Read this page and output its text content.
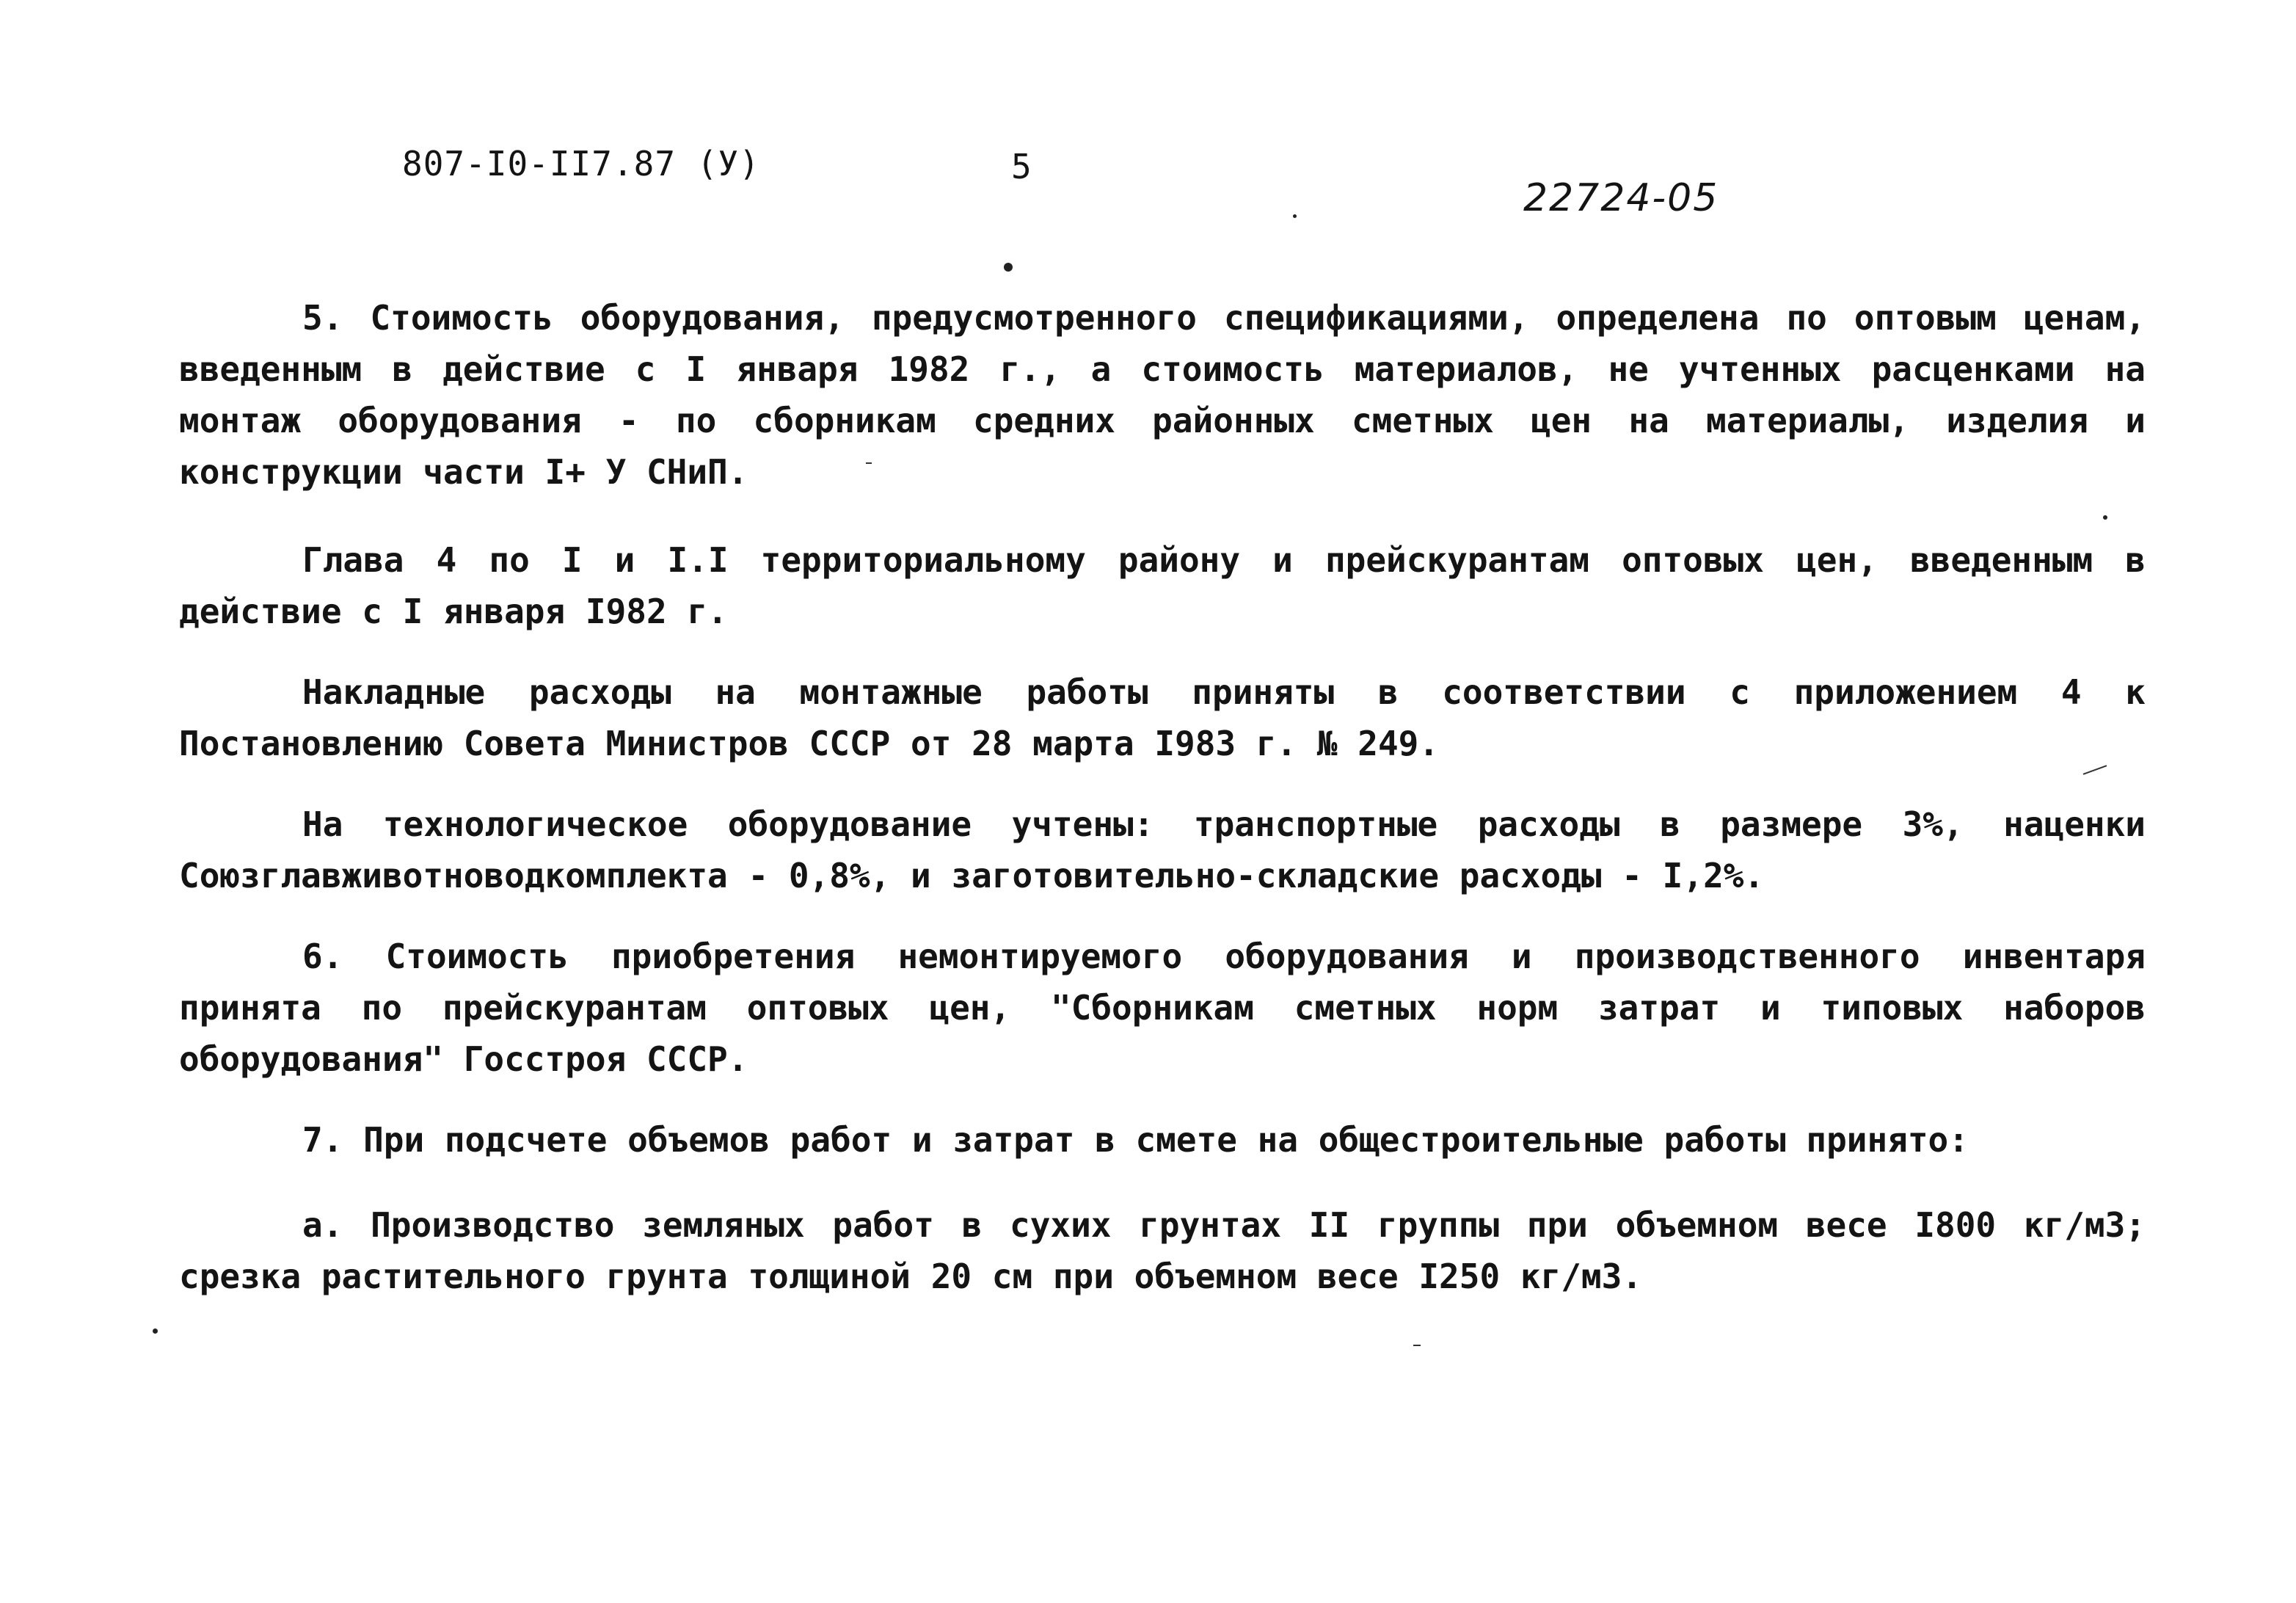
807-I0-II7.87 (У)	5
22724-05
5. Стоимость оборудования, предусмотренного спецификациями, определена по оптовым ценам, введенным в действие с I января 1982 г., а стоимость материалов, не учтенных расценками на монтаж оборудования - по сборникам средних районных сметных цен на материалы, изделия и конструкции части I+ У СНиП.
Глава 4 по I и I.I территориальному району и прейскурантам оптовых цен, введенным в действие с I января I982 г.
Накладные расходы на монтажные работы приняты в соответствии с приложением 4 к Постановлению Совета Министров СССР от 28 марта I983 г. № 249.
На технологическое оборудование учтены: транспортные расходы в размере 3%, наценки Союзглавживотноводкомплекта - 0,8%, и заготовительно-складские расходы - I,2%.
6. Стоимость приобретения немонтируемого оборудования и производственного инвентаря принята по прейскурантам оптовых цен, "Сборникам сметных норм затрат и типовых наборов оборудования" Госстроя СССР.
7. При подсчете объемов работ и затрат в смете на общестроительные работы принято:
а. Производство земляных работ в сухих грунтах II группы при объемном весе I800 кг/м3; срезка растительного грунта толщиной 20 см при объемном весе I250 кг/м3.
